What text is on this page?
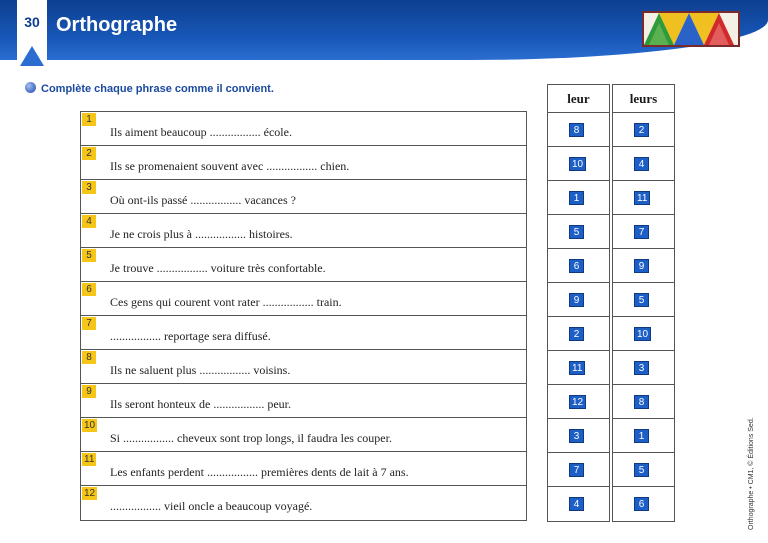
30 Orthographe
Complète chaque phrase comme il convient.
1
Ils aiment beaucoup ................. école.
2
Ils se promenaient souvent avec ................. chien.
3
Où ont-ils passé ................. vacances ?
4
Je ne crois plus à ................. histoires.
5
Je trouve ................. voiture très confortable.
6
Ces gens qui courent vont rater ................. train.
7
................. reportage sera diffusé.
8
Ils ne saluent plus ................. voisins.
9
Ils seront honteux de ................. peur.
10
Si ................. cheveux sont trop longs, il faudra les couper.
11
Les enfants perdent ................. premières dents de lait à 7 ans.
12
................. vieil oncle a beaucoup voyagé.
leur
8
10
1
5
6
9
2
11
12
3
7
4
leurs
2
4
11
7
9
5
10
3
8
1
5
6	Orthographe • CM1, © Éditions Sed.
